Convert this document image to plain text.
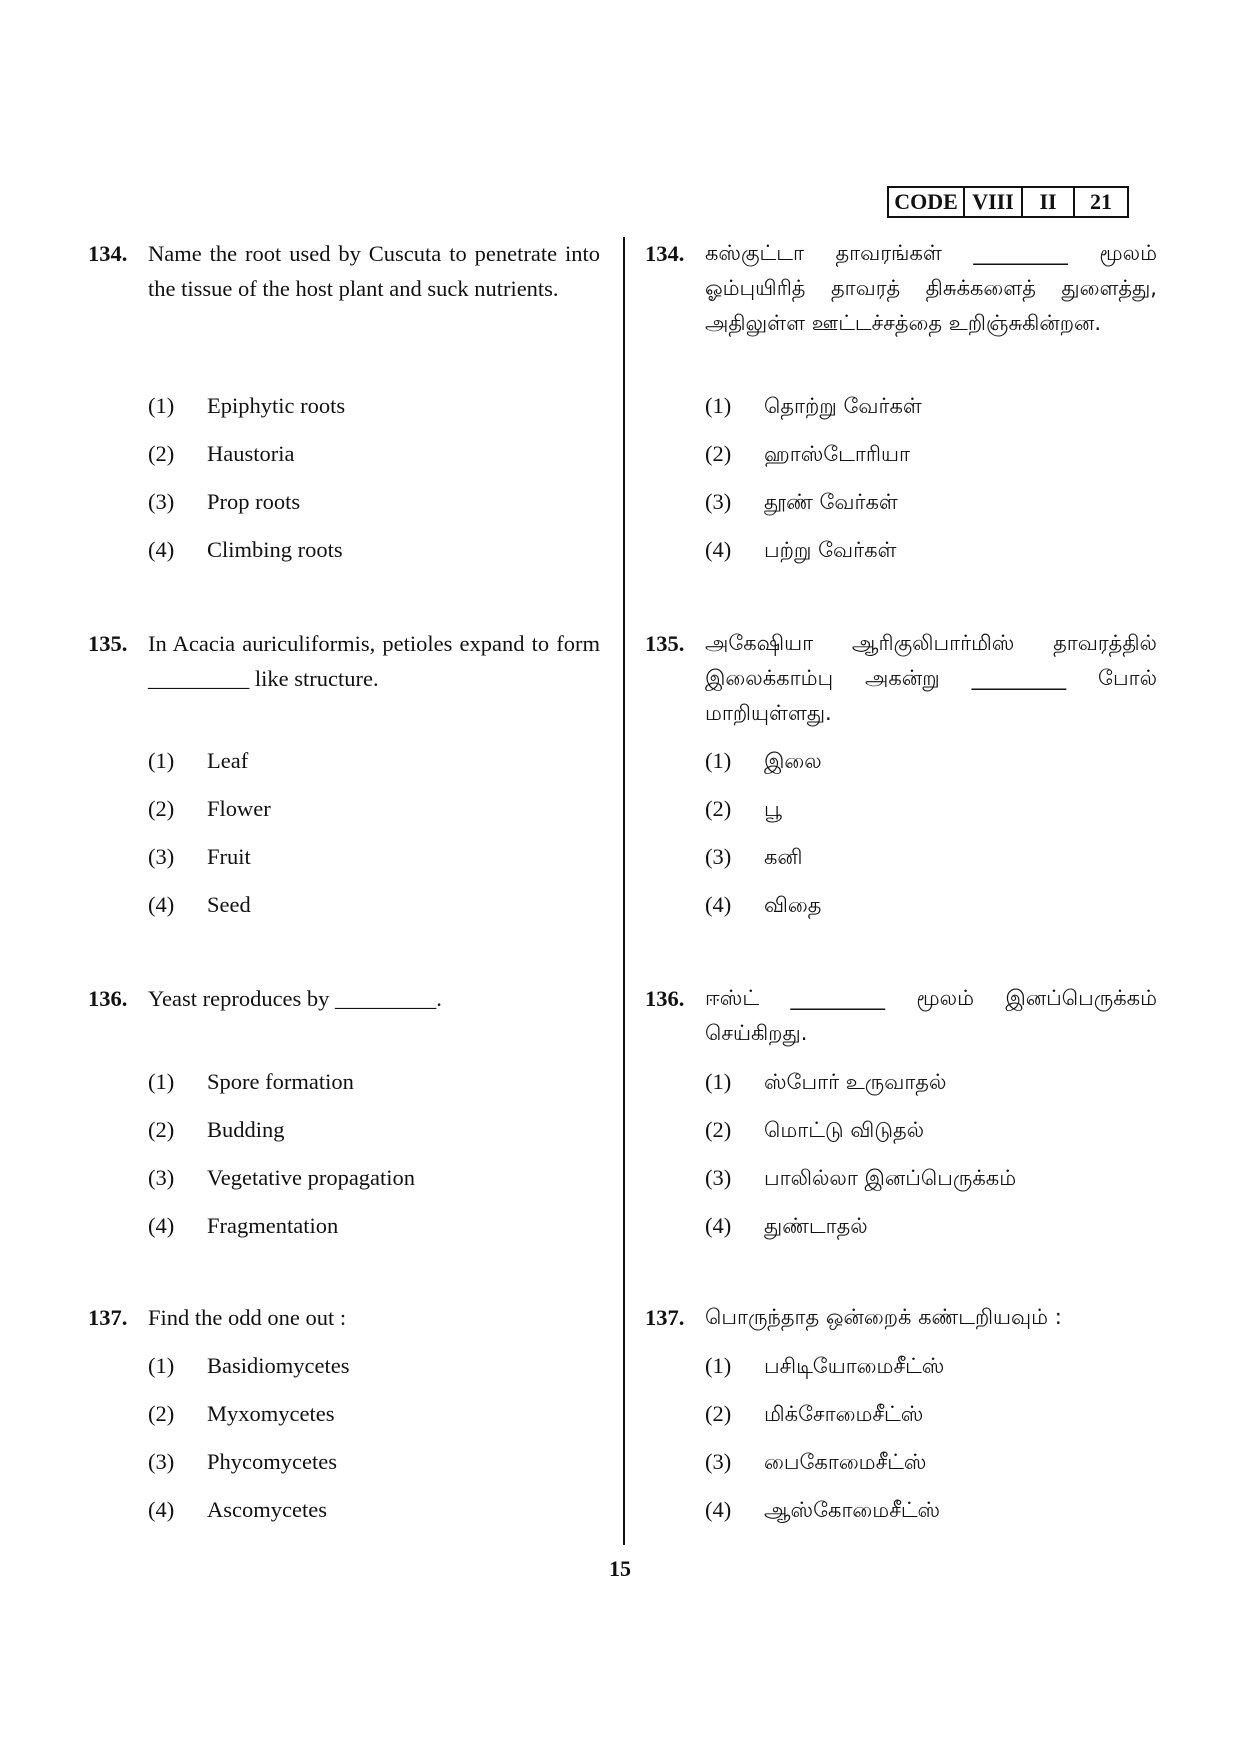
CODE VIII	II	21
134. Name the root used by Cuscuta to penetrate into the tissue of the host plant and suck nutrients.
(1)	Epiphytic roots
(2)	Haustoria
(3)	Prop roots
(4)	Climbing roots
135. In Acacia auriculiformis, petioles expand to form _________ like structure.
(1)	Leaf
(2)	Flower
(3)	Fruit
(4)	Seed
136. Yeast reproduces by _________.
(1)	Spore formation
(2)	Budding
(3)	Vegetative propagation
(4)	Fragmentation
137. Find the odd one out :
(1)	Basidiomycetes
(2)	Myxomycetes
(3)	Phycomycetes
(4)	Ascomycetes
134. கஸ்குட்டா தாவரங்கள் _________ மூலம் ஓம்புயிரித் தாவரத் திசுக்களைத் துளைத்து, அதிலுள்ள ஊட்டச்சத்தை உறிஞ்சுகின்றன.
(1)	தொற்று வேர்கள்
(2)	ஹாஸ்டோரியா
(3)	தூண் வேர்கள்
(4)	பற்று வேர்கள்
135. அகேஷியா ஆரிகுலிபார்மிஸ் தாவரத்தில் இலைக்காம்பு அகன்று _________ போல் மாறியுள்ளது.
(1)	இலை
(2)	பூ
(3)	கனி
(4)	விதை
136. ஈஸ்ட் _________ மூலம் இனப்பெருக்கம் செய்கிறது.
(1)	ஸ்போர் உருவாதல்
(2)	மொட்டு விடுதல்
(3)	பாலில்லா இனப்பெருக்கம்
(4)	துண்டாதல்
137. பொருந்தாத ஒன்றைக் கண்டறியவும் :
(1)	பசிடியோமைசீட்ஸ்
(2)	மிக்சோமைசீட்ஸ்
(3)	பைகோமைசீட்ஸ்
(4)	ஆஸ்கோமைசீட்ஸ்
15
